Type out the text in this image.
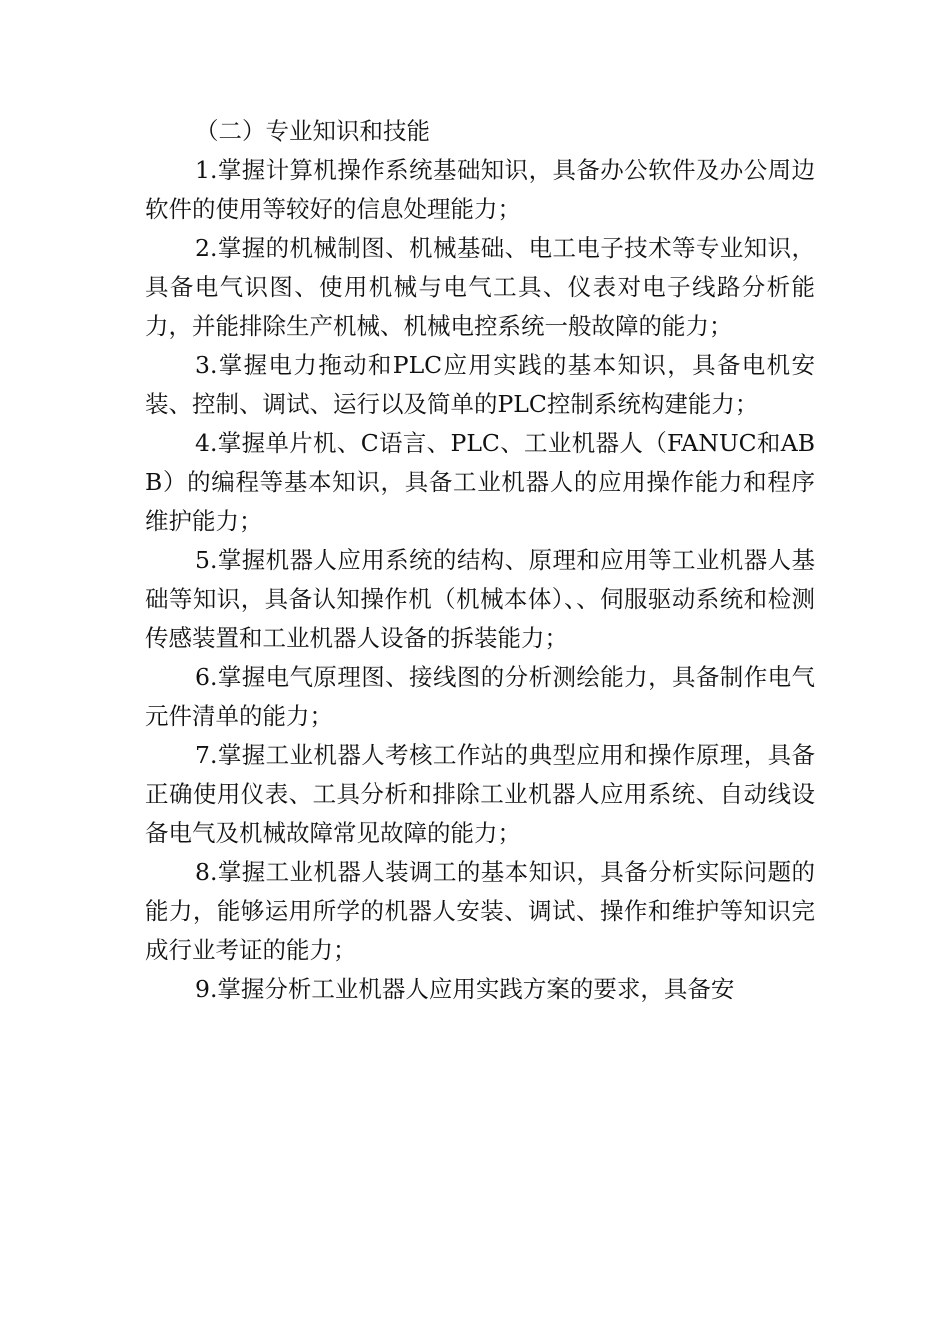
（二）专业知识和技能

1.掌握计算机操作系统基础知识，具备办公软件及办公周边软件的使用等较好的信息处理能力；

2.掌握的机械制图、机械基础、电工电子技术等专业知识，具备电气识图、使用机械与电气工具、仪表对电子线路分析能力，并能排除生产机械、机械电控系统一般故障的能力；

3.掌握电力拖动和PLC应用实践的基本知识，具备电机安装、控制、调试、运行以及简单的PLC控制系统构建能力；

4.掌握单片机、C语言、PLC、工业机器人（FANUC和ABB）的编程等基本知识，具备工业机器人的应用操作能力和程序维护能力；

5.掌握机器人应用系统的结构、原理和应用等工业机器人基础等知识，具备认知操作机（机械本体）、、伺服驱动系统和检测传感装置和工业机器人设备的拆装能力；

6.掌握电气原理图、接线图的分析测绘能力，具备制作电气元件清单的能力；

7.掌握工业机器人考核工作站的典型应用和操作原理，具备正确使用仪表、工具分析和排除工业机器人应用系统、自动线设备电气及机械故障常见故障的能力；

8.掌握工业机器人装调工的基本知识，具备分析实际问题的能力，能够运用所学的机器人安装、调试、操作和维护等知识完成行业考证的能力；

9.掌握分析工业机器人应用实践方案的要求，具备安
